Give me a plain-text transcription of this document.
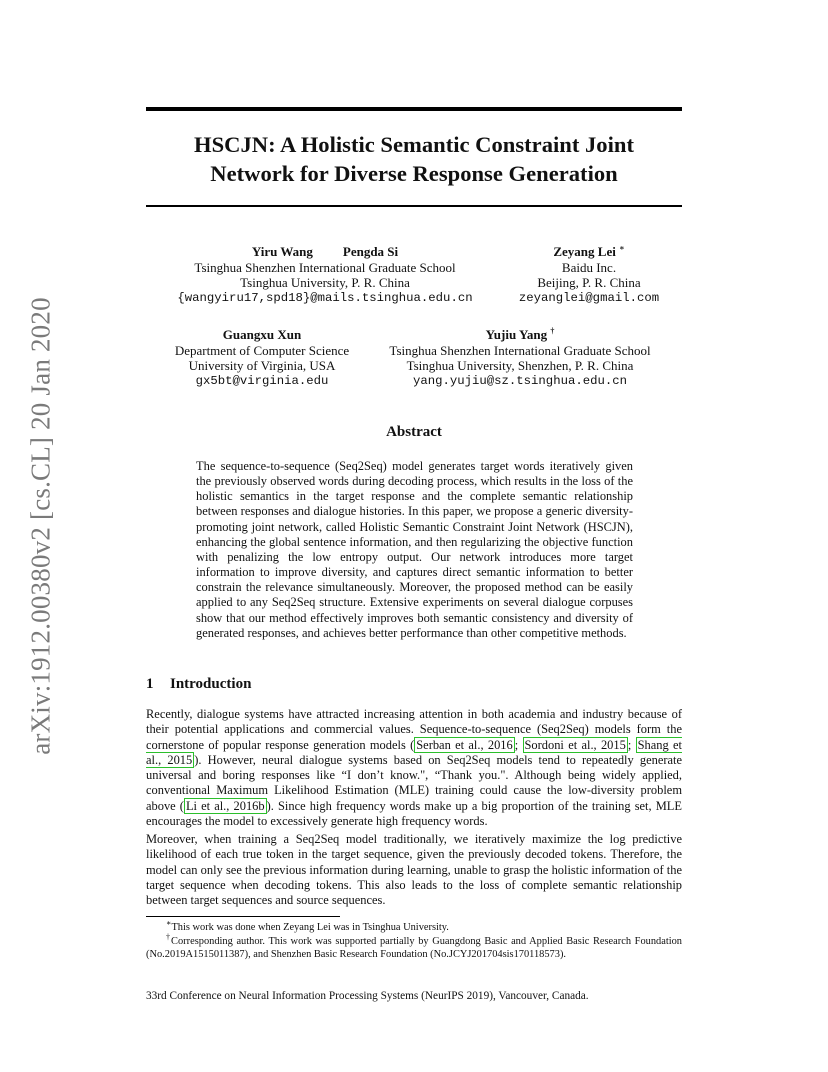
arXiv:1912.00380v2 [cs.CL] 20 Jan 2020
HSCJN: A Holistic Semantic Constraint Joint
Network for Diverse Response Generation
Yiru Wang Pengda Si
Tsinghua Shenzhen International Graduate School
Tsinghua University, P. R. China
{wangyiru17,spd18}@mails.tsinghua.edu.cn
Zeyang Lei ∗
Baidu Inc.
Beijing, P. R. China
zeyanglei@gmail.com
Guangxu Xun
Department of Computer Science
University of Virginia, USA
gx5bt@virginia.edu
Yujiu Yang †
Tsinghua Shenzhen International Graduate School
Tsinghua University, Shenzhen, P. R. China
yang.yujiu@sz.tsinghua.edu.cn
Abstract
The sequence-to-sequence (Seq2Seq) model generates target words iteratively given the previously observed words during decoding process, which results in the loss of the holistic semantics in the target response and the complete semantic relationship between responses and dialogue histories. In this paper, we propose a generic diversity-promoting joint network, called Holistic Semantic Constraint Joint Network (HSCJN), enhancing the global sentence information, and then regularizing the objective function with penalizing the low entropy output. Our network introduces more target information to improve diversity, and captures direct semantic information to better constrain the relevance simultaneously. Moreover, the proposed method can be easily applied to any Seq2Seq structure. Extensive experiments on several dialogue corpuses show that our method effectively improves both semantic consistency and diversity of generated responses, and achieves better performance than other competitive methods.
1 Introduction
Recently, dialogue systems have attracted increasing attention in both academia and industry because of their potential applications and commercial values. Sequence-to-sequence (Seq2Seq) models form the cornerstone of popular response generation models ( Serban et al., 2016 ; Sordoni et al., 2015 ; Shang et al., 2015 ). However, neural dialogue systems based on Seq2Seq models tend to repeatedly generate universal and boring responses like “I don’t know.", “Thank you.". Although being widely applied, conventional Maximum Likelihood Estimation (MLE) training could cause the low-diversity problem above ( Li et al., 2016b ). Since high frequency words make up a big proportion of the training set, MLE encourages the model to excessively generate high frequency words.
Moreover, when training a Seq2Seq model traditionally, we iteratively maximize the log predictive likelihood of each true token in the target sequence, given the previously decoded tokens. Therefore, the model can only see the previous information during learning, unable to grasp the holistic information of the target sequence when decoding tokens. This also leads to the loss of complete semantic relationship between target sequences and source sequences.
∗This work was done when Zeyang Lei was in Tsinghua University.
†Corresponding author. This work was supported partially by Guangdong Basic and Applied Basic Research Foundation (No.2019A1515011387), and Shenzhen Basic Research Foundation (No.JCYJ201704sis170118573).
33rd Conference on Neural Information Processing Systems (NeurIPS 2019), Vancouver, Canada.
